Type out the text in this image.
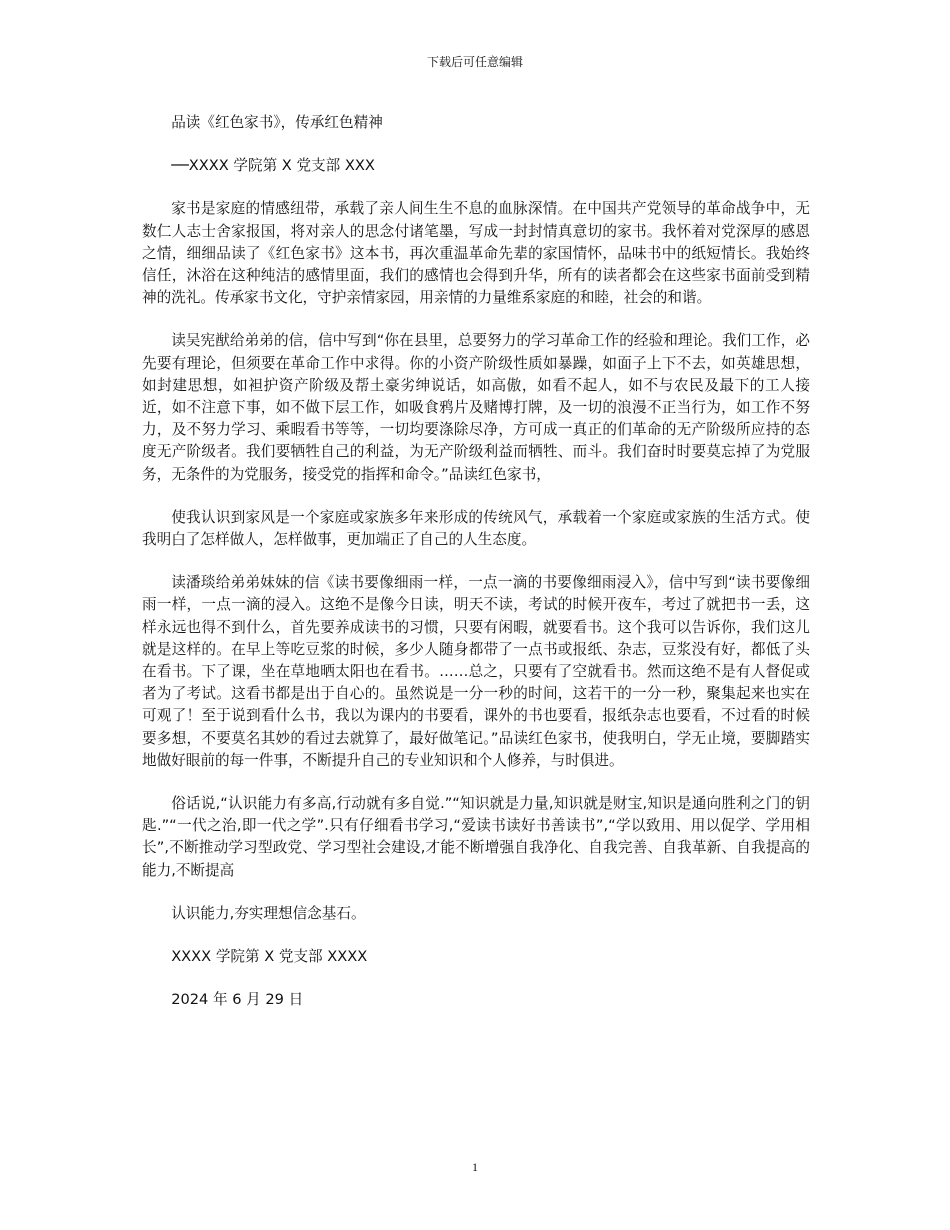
下载后可任意编辑

品读《红色家书》，传承红色精神

──XXXX 学院第 X 党支部 XXX

家书是家庭的情感纽带，承载了亲人间生生不息的血脉深情。在中国共产党领导的革命战争中，无数仁人志士舍家报国，将对亲人的思念付诸笔墨，写成一封封情真意切的家书。我怀着对党深厚的感恩之情，细细品读了《红色家书》这本书，再次重温革命先辈的家国情怀，品味书中的纸短情长。我始终信任，沐浴在这种纯洁的感情里面，我们的感情也会得到升华，所有的读者都会在这些家书面前受到精神的洗礼。传承家书文化，守护亲情家园，用亲情的力量维系家庭的和睦，社会的和谐。

读吴宪猷给弟弟的信，信中写到“你在县里，总要努力的学习革命工作的经验和理论。我们工作，必先要有理论，但须要在革命工作中求得。你的小资产阶级性质如暴躁，如面子上下不去，如英雄思想，如封建思想，如袒护资产阶级及帮土豪劣绅说话，如高傲，如看不起人，如不与农民及最下的工人接近，如不注意下事，如不做下层工作，如吸食鸦片及赌博打牌，及一切的浪漫不正当行为，如工作不努力，及不努力学习、乘暇看书等等，一切均要涤除尽净，方可成一真正的们革命的无产阶级所应持的态度无产阶级者。我们要牺牲自己的利益，为无产阶级利益而牺牲、而斗。我们奋时时要莫忘掉了为党服务，无条件的为党服务，接受党的指挥和命令。”品读红色家书，

使我认识到家风是一个家庭或家族多年来形成的传统风气，承载着一个家庭或家族的生活方式。使我明白了怎样做人，怎样做事，更加端正了自己的人生态度。

读潘琰给弟弟妹妹的信《读书要像细雨一样，一点一滴的书要像细雨浸入》，信中写到“读书要像细雨一样，一点一滴的浸入。这绝不是像今日读，明天不读，考试的时候开夜车，考过了就把书一丢，这样永远也得不到什么，首先要养成读书的习惯，只要有闲暇，就要看书。这个我可以告诉你，我们这儿就是这样的。在早上等吃豆浆的时候，多少人随身都带了一点书或报纸、杂志，豆浆没有好，都低了头在看书。下了课，坐在草地晒太阳也在看书。……总之，只要有了空就看书。然而这绝不是有人督促或者为了考试。这看书都是出于自心的。虽然说是一分一秒的时间，这若干的一分一秒，聚集起来也实在可观了！至于说到看什么书，我以为课内的书要看，课外的书也要看，报纸杂志也要看，不过看的时候要多想，不要莫名其妙的看过去就算了，最好做笔记。”品读红色家书，使我明白，学无止境，要脚踏实地做好眼前的每一件事，不断提升自己的专业知识和个人修养，与时俱进。

俗话说,“认识能力有多高,行动就有多自觉.”“知识就是力量,知识就是财宝,知识是通向胜利之门的钥匙.”“一代之治,即一代之学”.只有仔细看书学习,“爱读书读好书善读书”,“学以致用、用以促学、学用相长”,不断推动学习型政党、学习型社会建设,才能不断增强自我净化、自我完善、自我革新、自我提高的能力,不断提高

认识能力,夯实理想信念基石。

XXXX 学院第 X 党支部 XXXX

2024 年 6 月 29 日

1
